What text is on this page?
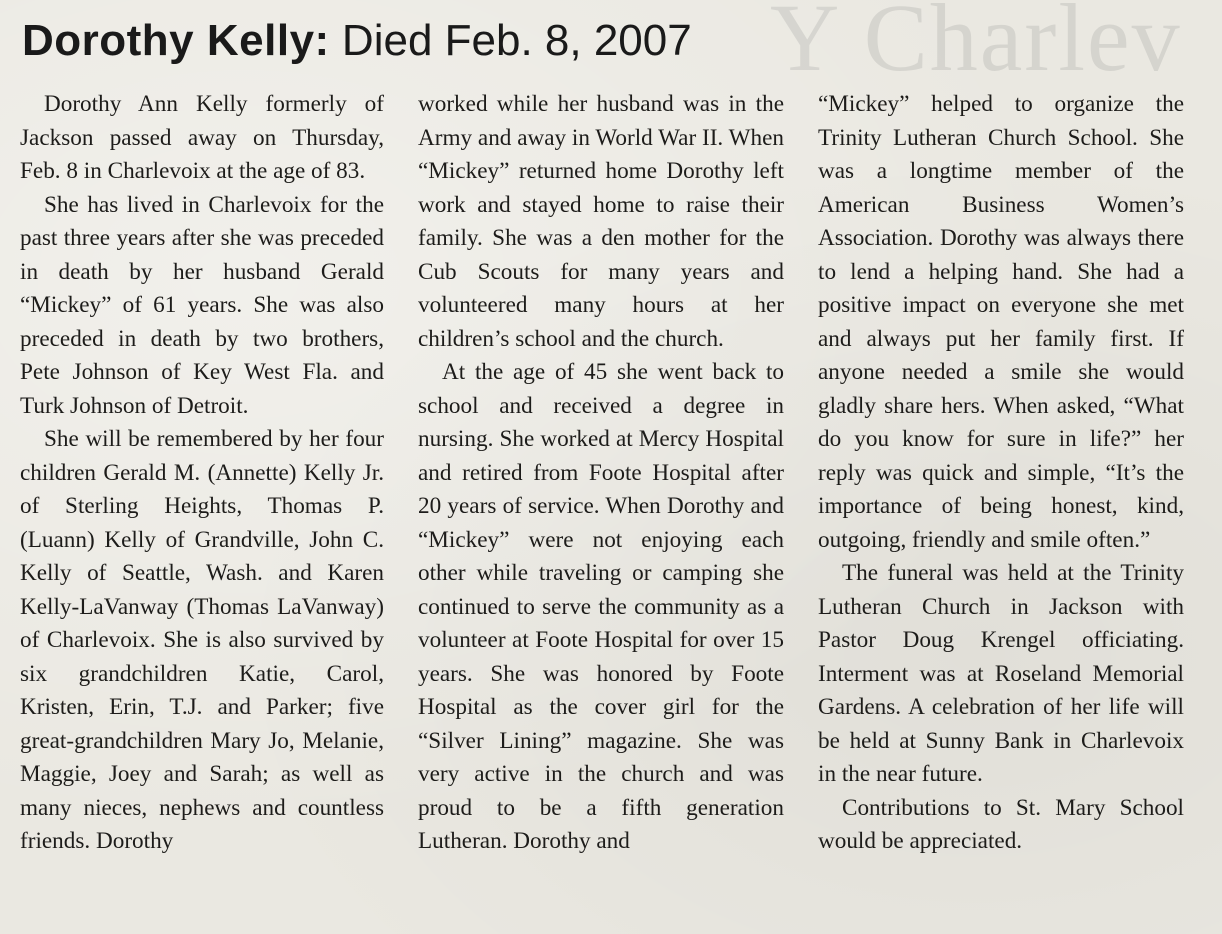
Y Charlev
Dorothy Kelly: Died Feb. 8, 2007

Dorothy Ann Kelly formerly of Jackson passed away on Thursday, Feb. 8 in Charlevoix at the age of 83.

She has lived in Charlevoix for the past three years after she was preceded in death by her husband Gerald “Mickey” of 61 years. She was also preceded in death by two brothers, Pete Johnson of Key West Fla. and Turk Johnson of Detroit.

She will be remembered by her four children Gerald M. (Annette) Kelly Jr. of Sterling Heights, Thomas P. (Luann) Kelly of Grandville, John C. Kelly of Seattle, Wash. and Karen Kelly-LaVanway (Thomas LaVanway) of Charlevoix. She is also survived by six grandchildren Katie, Carol, Kristen, Erin, T.J. and Parker; five great-grandchildren Mary Jo, Melanie, Maggie, Joey and Sarah; as well as many nieces, nephews and countless friends. Dorothy

worked while her husband was in the Army and away in World War II. When “Mickey” returned home Dorothy left work and stayed home to raise their family. She was a den mother for the Cub Scouts for many years and volunteered many hours at her children’s school and the church.

At the age of 45 she went back to school and received a degree in nursing. She worked at Mercy Hospital and retired from Foote Hospital after 20 years of service. When Dorothy and “Mickey” were not enjoying each other while traveling or camping she continued to serve the community as a volunteer at Foote Hospital for over 15 years. She was honored by Foote Hospital as the cover girl for the “Silver Lining” magazine. She was very active in the church and was proud to be a fifth generation Lutheran. Dorothy and

“Mickey” helped to organize the Trinity Lutheran Church School. She was a longtime member of the American Business Women’s Association. Dorothy was always there to lend a helping hand. She had a positive impact on everyone she met and always put her family first. If anyone needed a smile she would gladly share hers. When asked, “What do you know for sure in life?” her reply was quick and simple, “It’s the importance of being honest, kind, outgoing, friendly and smile often.”

The funeral was held at the Trinity Lutheran Church in Jackson with Pastor Doug Krengel officiating. Interment was at Roseland Memorial Gardens. A celebration of her life will be held at Sunny Bank in Charlevoix in the near future.

Contributions to St. Mary School would be appreciated.
